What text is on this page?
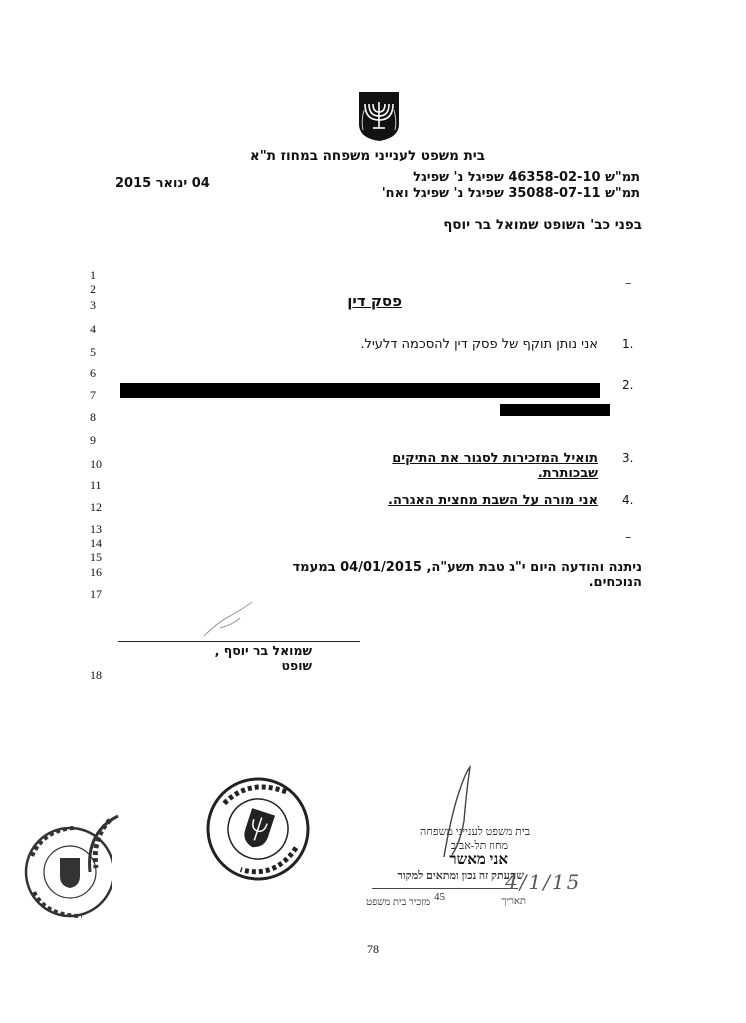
בית משפט לענייני משפחה במחוז ת"א
04 ינואר 2015	תמ"ש 46358-02-10 שפיגל נ' שפיגל
תמ"ש 35088-07-11 שפיגל נ' שפיגל ואח'
בפני כב' השופט שמואל בר יוסף
1
2
3
4
5
6
7
8
9
10
11
12
13
14
15
16
17
18
–
–
פסק דין
1.
אני נותן תוקף של פסק דין להסכמה דלעיל.
2.
3.
תואיל המזכירות לסגור את התיקים שבכותרת.
4.
אני מורה על השבת מחצית האגרה.
ניתנה והודעה היום י"ג טבת תשע"ה, 04/01/2015 במעמד הנוכחים.
שמואל בר יוסף , שופט
בית משפט לענייני משפחה
מחוז תל-אביב
אני מאשר
שהעתק זה נכון ומתאים למקור
תאריך
45
מזכיר בית משפט
4/1/15
78
